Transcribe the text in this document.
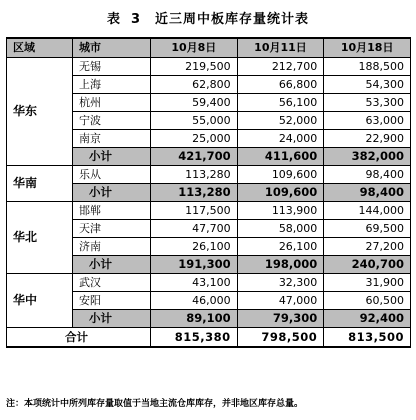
表 3 近三周中板库存量统计表
区域	城市	10月8日	10月11日	10月18日
华东	无锡	219,500	212,700	188,500
	上海	62,800	66,800	54,300
	杭州	59,400	56,100	53,300
	宁波	55,000	52,000	63,000
	南京	25,000	24,000	22,900
	小计	421,700	411,600	382,000
华南	乐从	113,280	109,600	98,400
	小计	113,280	109,600	98,400
华北	邯郸	117,500	113,900	144,000
	天津	47,700	58,000	69,500
	济南	26,100	26,100	27,200
	小计	191,300	198,000	240,700
华中	武汉	43,100	32,300	31,900
	安阳	46,000	47,000	60,500
	小计	89,100	79,300	92,400
合计		815,380	798,500	813,500
注：本项统计中所列库存量取值于当地主流仓库库存，并非地区库存总量。
